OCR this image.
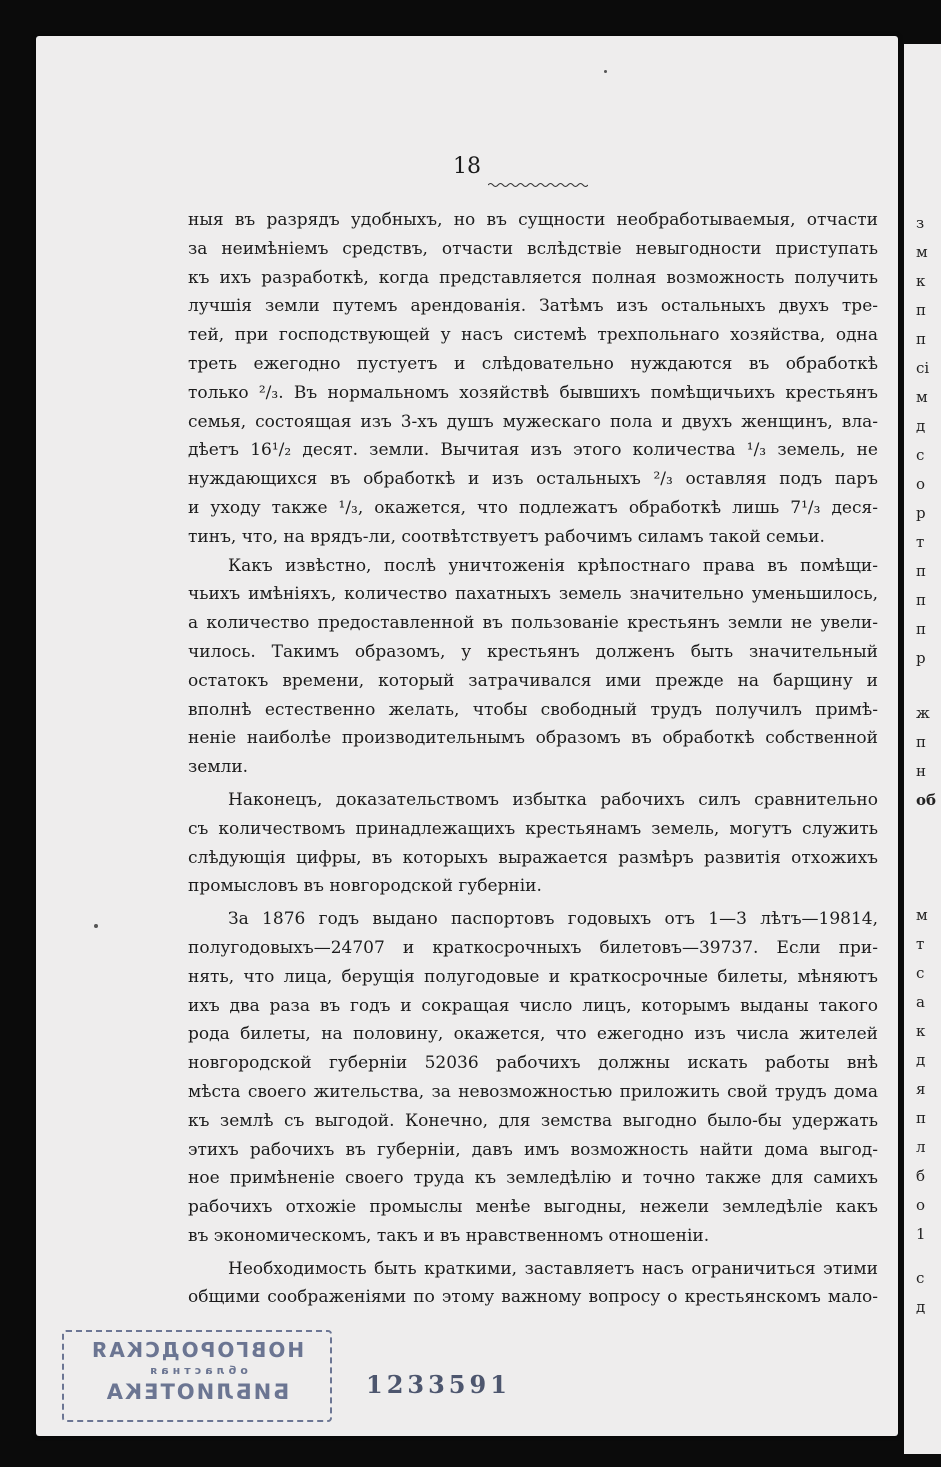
18
ныя въ разрядъ удобныхъ, но въ сущности необработываемыя, отчасти
за неимѣніемъ средствъ, отчасти вслѣдствіе невыгодности приступать
къ ихъ разработкѣ, когда представляется полная возможность получить
лучшія земли путемъ арендованія. Затѣмъ изъ остальныхъ двухъ тре-
тей, при господствующей у насъ системѣ трехпольнаго хозяйства, одна
треть ежегодно пустуетъ и слѣдовательно нуждаются въ обработкѣ
только ²/₃. Въ нормальномъ хозяйствѣ бывшихъ помѣщичьихъ крестьянъ
семья, состоящая изъ 3-хъ душъ мужескаго пола и двухъ женщинъ, вла-
дѣетъ 16¹/₂ десят. земли. Вычитая изъ этого количества ¹/₃ земель, не
нуждающихся въ обработкѣ и изъ остальныхъ ²/₃ оставляя подъ паръ
и уходу также ¹/₃, окажется, что подлежатъ обработкѣ лишь 7¹/₃ деся-
тинъ, что, на врядъ-ли, соотвѣтствуетъ рабочимъ силамъ такой семьи.
Какъ извѣстно, послѣ уничтоженія крѣпостнаго права въ помѣщи-
чьихъ имѣніяхъ, количество пахатныхъ земель значительно уменьшилось,
а количество предоставленной въ пользованіе крестьянъ земли не увели-
чилось. Такимъ образомъ, у крестьянъ долженъ быть значительный
остатокъ времени, который затрачивался ими прежде на барщину и
вполнѣ естественно желать, чтобы свободный трудъ получилъ примѣ-
неніе наиболѣе производительнымъ образомъ въ обработкѣ собственной
земли.
Наконецъ, доказательствомъ избытка рабочихъ силъ сравнительно
съ количествомъ принадлежащихъ крестьянамъ земель, могутъ служить
слѣдующія цифры, въ которыхъ выражается размѣръ развитія отхожихъ
промысловъ въ новгородской губерніи.
За 1876 годъ выдано паспортовъ годовыхъ отъ 1—3 лѣтъ—19814,
полугодовыхъ—24707 и краткосрочныхъ билетовъ—39737. Если при-
нять, что лица, берущія полугодовые и краткосрочные билеты, мѣняютъ
ихъ два раза въ годъ и сокращая число лицъ, которымъ выданы такого
рода билеты, на половину, окажется, что ежегодно изъ числа жителей
новгородской губерніи 52036 рабочихъ должны искать работы внѣ
мѣста своего жительства, за невозможностью приложить свой трудъ дома
къ землѣ съ выгодой. Конечно, для земства выгодно было-бы удержать
этихъ рабочихъ въ губерніи, давъ имъ возможность найти дома выгод-
ное примѣненіе своего труда къ земледѣлію и точно также для самихъ
рабочихъ отхожіе промыслы менѣе выгодны, нежели земледѣліе какъ
въ экономическомъ, такъ и въ нравственномъ отношеніи.
Необходимость быть краткими, заставляетъ насъ ограничиться этими
общими соображеніями по этому важному вопросу о крестьянскомъ мало-
НОВГОРОДСКАЯ
областная
БИБЛИОТЕКА	1233591
з
м
к
п
п
сі
м
д
с
о
р
т
п
п
п
р
ж
п
н
об
м
т
с
а
к
д
я
п
л
б
о
1
с
д
